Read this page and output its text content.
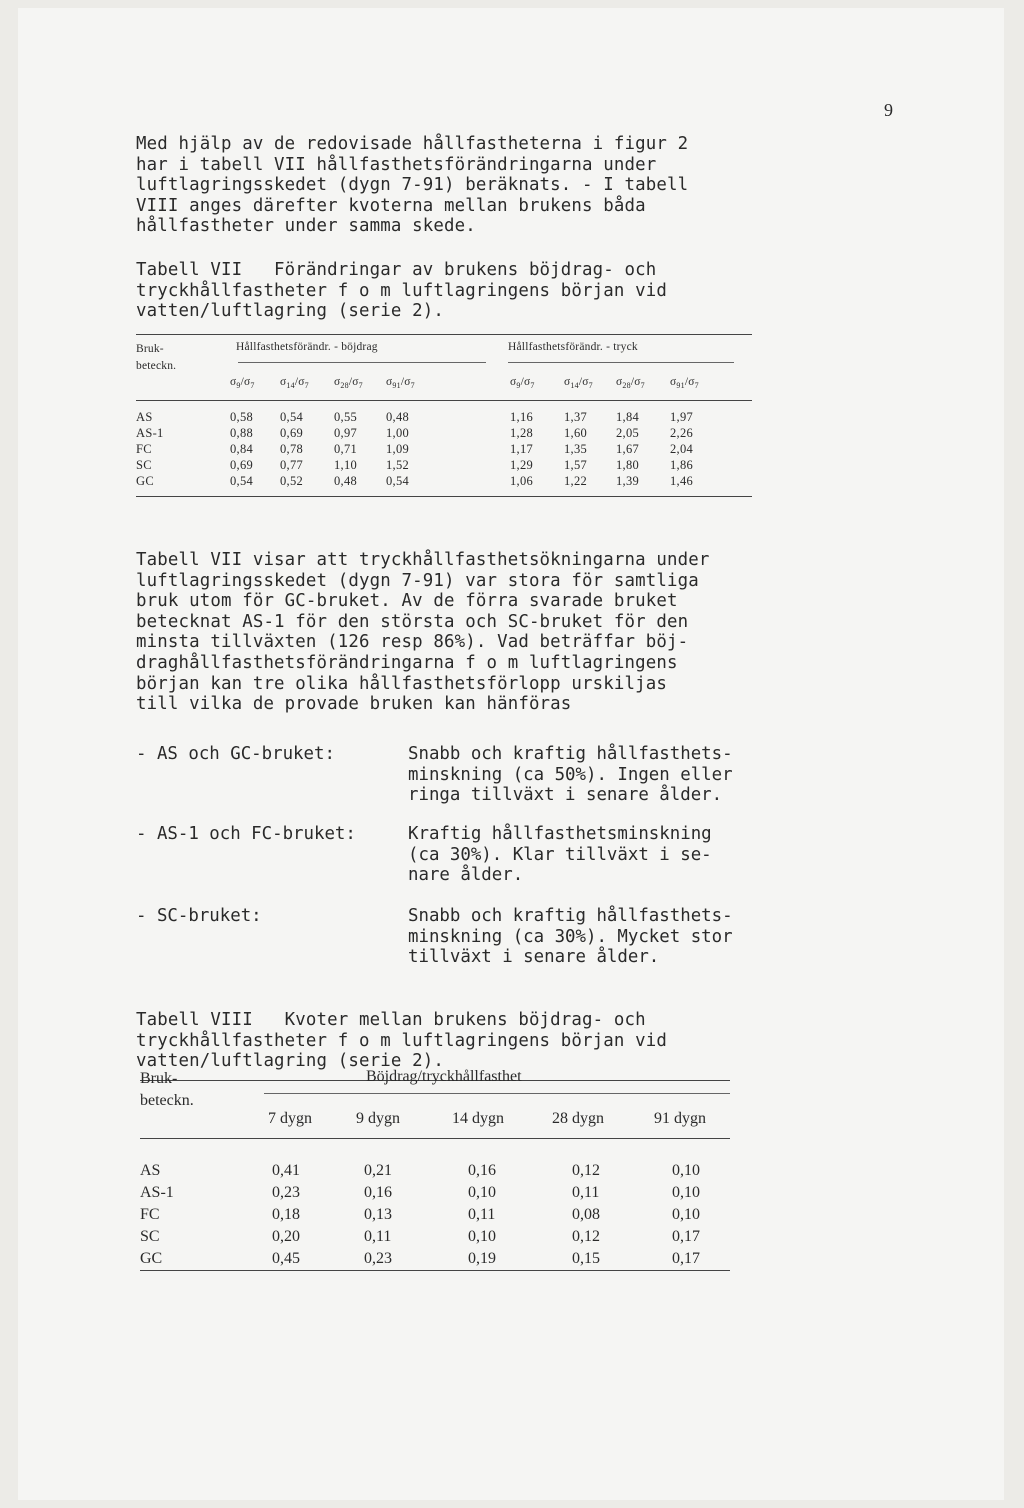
9
Med hjälp av de redovisade hållfastheterna i figur 2
har i tabell VII hållfasthetsförändringarna under
luftlagringsskedet (dygn 7-91) beräknats. - I tabell
VIII anges därefter kvoterna mellan brukens båda
hållfastheter under samma skede.
Tabell VII   Förändringar av brukens böjdrag- och
tryckhållfastheter f o m luftlagringens början vid
vatten/luftlagring (serie 2).
Bruk-
beteckn.
Hållfasthetsförändr. - böjdrag	Hållfasthetsförändr. - tryck
$\sigma_9/\sigma_7$ $\sigma_{14}/\sigma_7$ $\sigma_{28}/\sigma_7$ $\sigma_{91}/\sigma_7$	$\sigma_9/\sigma_7$	$\sigma_{14}/\sigma_7$ $\sigma_{28}/\sigma_7$ $\sigma_{91}/\sigma_7$
AS	0,58 0,54 0,55 0,48	1,16 1,37 1,84 1,97
AS-1	0,88 0,69 0,97 1,00	1,28 1,60 2,05 2,26
FC	0,84 0,78 0,71 1,09	1,17 1,35 1,67 2,04
SC	0,69 0,77 1,10 1,52	1,29 1,57 1,80 1,86
GC	0,54 0,52 0,48 0,54	1,06 1,22 1,39 1,46
Tabell VII visar att tryckhållfasthetsökningarna under
luftlagringsskedet (dygn 7-91) var stora för samtliga
bruk utom för GC-bruket. Av de förra svarade bruket
betecknat AS-1 för den största och SC-bruket för den
minsta tillväxten (126 resp 86%). Vad beträffar böj-
draghållfasthetsförändringarna f o m luftlagringens
början kan tre olika hållfasthetsförlopp urskiljas
till vilka de provade bruken kan hänföras
- AS och GC-bruket:	Snabb och kraftig hållfasthets-
minskning (ca 50%). Ingen eller
ringa tillväxt i senare ålder.
- AS-1 och FC-bruket:	Kraftig hållfasthetsminskning
(ca 30%). Klar tillväxt i se-
nare ålder.
- SC-bruket:	Snabb och kraftig hållfasthets-
minskning (ca 30%). Mycket stor
tillväxt i senare ålder.
Tabell VIII   Kvoter mellan brukens böjdrag- och
tryckhållfastheter f o m luftlagringens början vid
vatten/luftlagring (serie 2).
Bruk-
beteckn.
Böjdrag/tryckhållfasthet
7 dygn	9 dygn	14 dygn	28 dygn	91 dygn
AS	0,41	0,21	0,16	0,12	0,10
AS-1	0,23	0,16	0,10	0,11	0,10
FC	0,18	0,13	0,11	0,08	0,10
SC	0,20	0,11	0,10	0,12	0,17
GC	0,45	0,23	0,19	0,15	0,17
